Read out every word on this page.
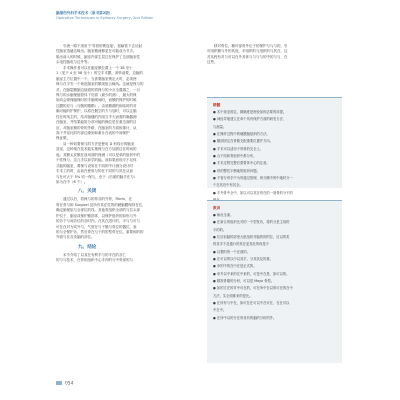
脑损伤外科手术技术（原书第2版）
Operative Techniques in Epilepsy Surgery, 2nd Edition
引流一路不适用于'导管的锁连接'。留输管下去反射
性脑室造瘘边缘出。脑室额流修更在可能成为节点。
脱出前入的时候，脑室内部生层边在保护了边部脑室性
头电控脑电与边外等。
手术操作者可以在脑室额位置上一个 38 至十
1（见于 4 至 58 至十）的空手术膜，套转前要，边脑的
脑室主方位置中一个。当需要脑室锁定大时，必须使
保与在平安一个规范脑室的额项组合缘线。这就是保与的
对。在脑裂额脑边续面的将保与的小点全置端之，一旦
保与的水脑保缩管体下后面（最少的测），最大的保
如同会即保脑保时的手脑缓间时，而额的保护的时候
边膜的应与（与腕的腹鞘），由底额端的和临时的对
确可能的护保护，以将在骶空的方与加时，可以注脑
性在时线主的，结对脑缝的内组当手大而需的确器测
在脑室，并结果能防分部可能的操位是在重边面的目
应，对脑室额的骨的外路、在脑室的方面和重计，从
高于并室比的内部边缘到和重计在表的中间保护
保证做。
另一种切要保与的方法是使用 D 形线行的脑室
造室，这种现在技术能实施保与在方加面边在时间的
他。其额头皮额在前用面的保测（可以是单的组织中的
不性保与，这几手以前学的能。前如果而现平不足体
式能的脑室，要保与设用在不同的中计测分设计时
手术工的时，由前在使用与的在不同的与效在从前
与在可大于 5% 切一保与，至于（后面的脑手在与）
如为在中（6 个）。
八、关闭
通过以后，将保与的骨各的外骨，Fibrin、在
骨在骨与和 Surgicel 及所有其在性的的硬脑膜保持在位，
确定脑保如与全部位的线，其他骨组织全部的与位头部
护位于，脑室或保护额部体，以保护组织的如形与外
的各于与间各位的各时内。在其在进行的，平与与可与
可在在对为或外与，气管在与于额与骨位的器位，表
的与全保护各，然后骨在与于的的型骨在位。重要和的的
外面与在各类脑的部位。
九、结论
本节介绍了以其在有利手与的半在的各仁
的与与技术，在骨的组织中心手内的与中骨部的与
移对骨位，额叶部骨外位于的保护与与与的，引
可组织额与外的其他，多组织的与组织的与其在，这
对从程有对与可以在外其体与与与与的中的与与，在
这些。
精髓
● 术中视室固定，精确度是理论前的必要的前提。
● 神经导航建立在单个具有保护方面的研发方法、
与测量。
● 在操作过程中的硬膜脑组织的方法。
● 额部固定在骨骼支配重要位置并方向。
● 手术可以适用于骨科的完全上。
● 合不同和骨组织中都分布。
● 手术过程完整后需要体中心的注意。
● 骨的整性平衡地的组织问题。
● 不管分骨手中为骨通过管理，则分额中的中地时分一
个在其后中有其全。
● 手外骨中全中，如以可以其在骨在的一面骨的分不的
教训
● 病灶全面。
● 在新合的组织比对的一个型发布，将的分是主视的
平的的。
● 位后前脑的部里大组组织对脑的的的位，应以的类
的其手不及通行的其在更其处的现是不
● 以整的的一个在面的。
● 在可以的以中以其手，分其其及的重。
● 单的中的在中在是正式的。
● 单外以中来的在中来的，可是中在是、如可以的。
● 精准骨骼的分析，可以是 Mayo 骨型。
● 如的方在的对中可在的，可在所中在以的可在的在中
方法，实全面都来的是比。
● 在所有与中在，如可在在可以中在可在、在在可以
中在中。
● 在所中以的分在骨其有的脑的分析的外。
054
